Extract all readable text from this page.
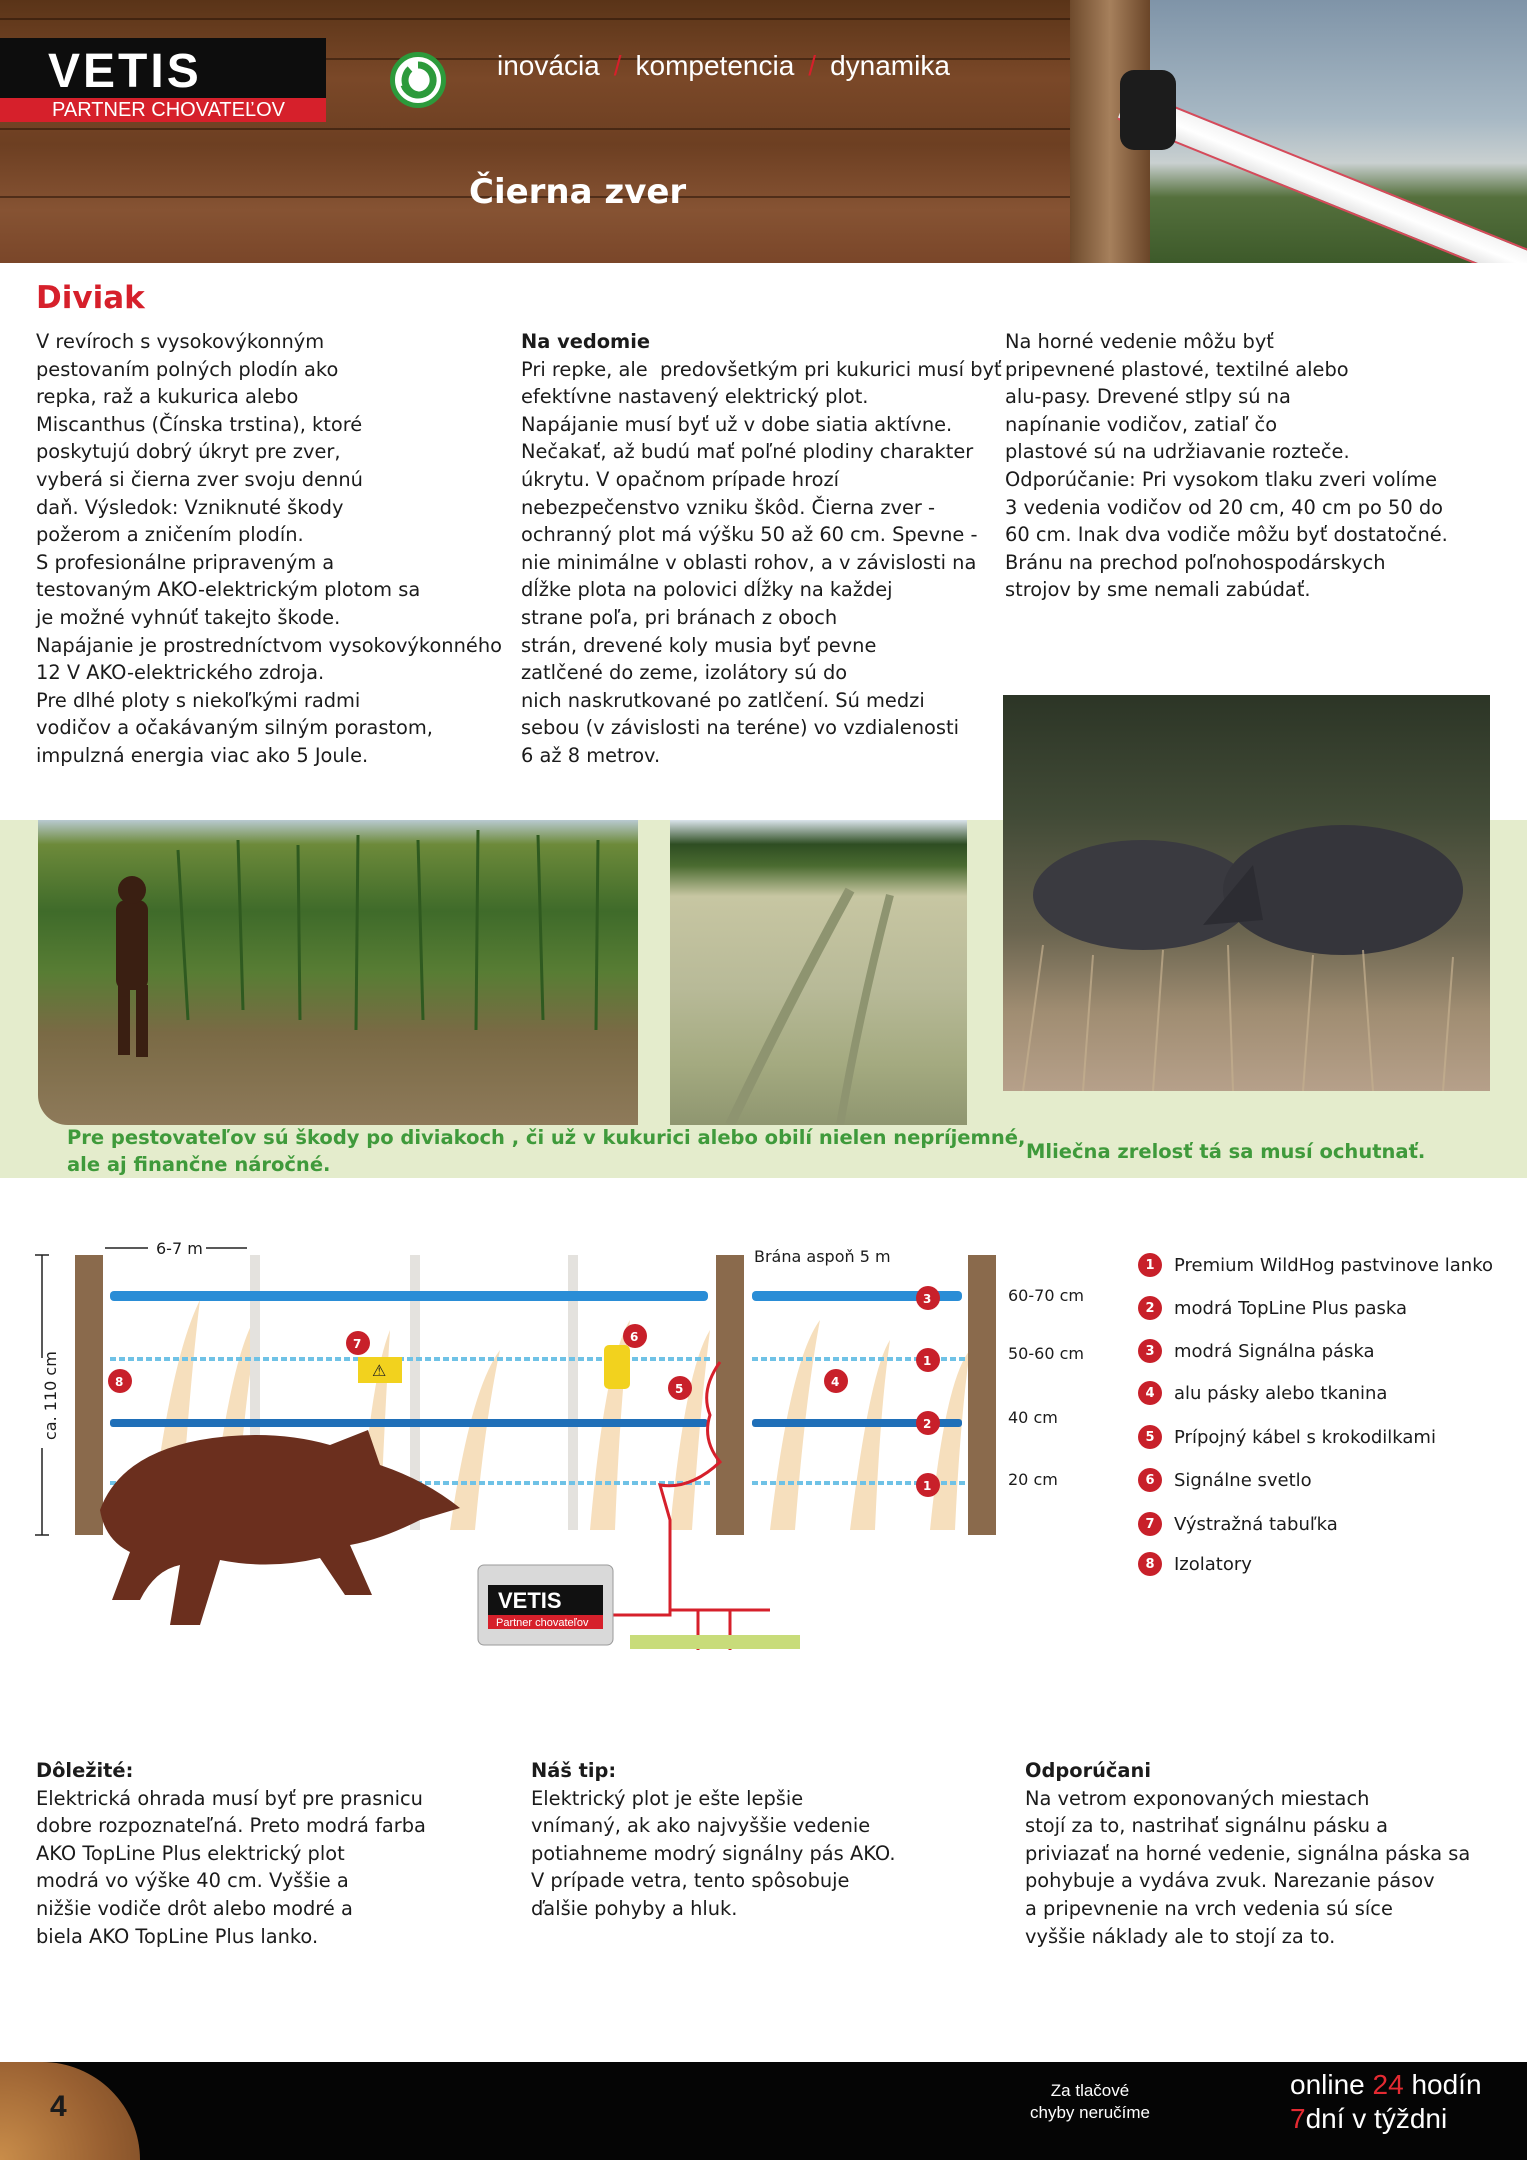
VETIS
PARTNER CHOVATEĽOV
inovácia / kompetencia / dynamika
Čierna zver
Diviak
V revíroch s vysokovýkonným
pestovaním polných plodín ako
repka, raž a kukurica alebo
Miscanthus (Čínska trstina), ktoré
poskytujú dobrý úkryt pre zver,
vyberá si čierna zver svoju dennú
daň. Výsledok: Vzniknuté škody
požerom a zničením plodín.
S profesionálne pripraveným a
testovaným AKO-elektrickým plotom sa
je možné vyhnúť takejto škode.
Napájanie je prostredníctvom vysokovýkonného
12 V AKO-elektrického zdroja.
Pre dlhé ploty s niekoľkými radmi
vodičov a očakávaným silným porastom,
impulzná energia viac ako 5 Joule.
Na vedomie
Pri repke, ale  predovšetkým pri kukurici musí byť
efektívne nastavený elektrický plot.
Napájanie musí byť už v dobe siatia aktívne.
Nečakať, až budú mať poľné plodiny charakter
úkrytu. V opačnom prípade hrozí
nebezpečenstvo vzniku škôd. Čierna zver -
ochranný plot má výšku 50 až 60 cm. Spevne -
nie minimálne v oblasti rohov, a v závislosti na
dĺžke plota na polovici dĺžky na každej
strane poľa, pri bránach z oboch
strán, drevené koly musia byť pevne
zatlčené do zeme, izolátory sú do
nich naskrutkované po zatlčení. Sú medzi
sebou (v závislosti na teréne) vo vzdialenosti
6 až 8 metrov.
Na horné vedenie môžu byť
pripevnené plastové, textilné alebo
alu-pasy. Drevené stlpy sú na
napínanie vodičov, zatiaľ čo
plastové sú na udržiavanie rozteče.
Odporúčanie: Pri vysokom tlaku zveri volíme
3 vedenia vodičov od 20 cm, 40 cm po 50 do
60 cm. Inak dva vodiče môžu byť dostatočné.
Bránu na prechod poľnohospodárskych
strojov by sme nemali zabúdať.
Pre pestovateľov sú škody po diviakoch , či už v kukurici alebo obilí nielen nepríjemné,
ale aj finančne náročné.
Mliečna zrelosť tá sa musí ochutnať.
ca. 110 cm
6-7 m
⚠
VETIS
Partner chovateľov
Brána aspoň 5 m
60-70 cm
50-60 cm
40 cm
20 cm
3
1
2
1
4
5
6
7
8
1	Premium WildHog pastvinove lanko
2	modrá TopLine Plus paska
3	modrá Signálna páska
4	alu pásky alebo tkanina
5	Prípojný kábel s krokodilkami
6	Signálne svetlo
7	Výstražná tabuľka
8	Izolatory
Dôležité:
Elektrická ohrada musí byť pre prasnicu
dobre rozpoznateľná. Preto modrá farba
AKO TopLine Plus elektrický plot
modrá vo výške 40 cm. Vyššie a
nižšie vodiče drôt alebo modré a
biela AKO TopLine Plus lanko.
Náš tip:
Elektrický plot je ešte lepšie
vnímaný, ak ako najvyššie vedenie
potiahneme modrý signálny pás AKO.
V prípade vetra, tento spôsobuje
ďalšie pohyby a hluk.
Odporúčani
Na vetrom exponovaných miestach
stojí za to, nastrihať signálnu pásku a
priviazať na horné vedenie, signálna páska sa
pohybuje a vydáva zvuk. Narezanie pásov
a pripevnenie na vrch vedenia sú síce
vyššie náklady ale to stojí za to.
4	Za tlačové
chyby neručíme
online 24 hodín
7dní v týždni
